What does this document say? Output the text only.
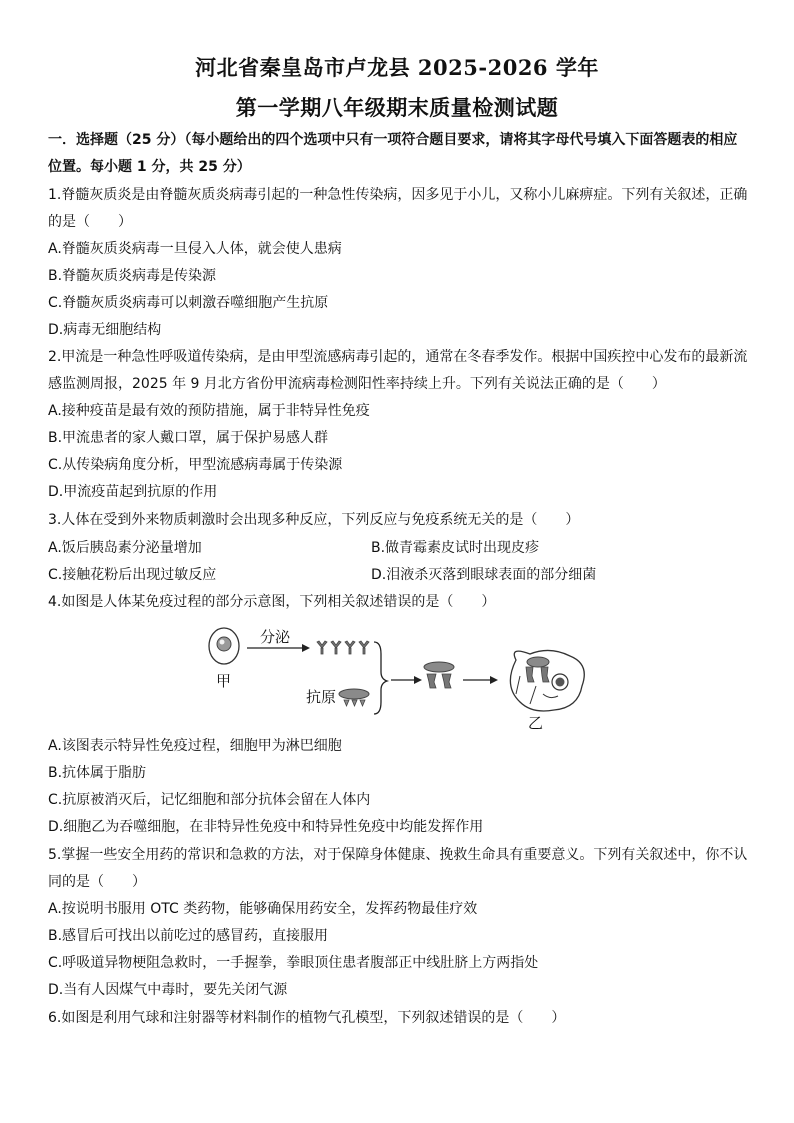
河北省秦皇岛市卢龙县 2025-2026 学年
第一学期八年级期末质量检测试题
一．选择题（25 分）（每小题给出的四个选项中只有一项符合题目要求，请将其字母代号填入下面答题表的相应
位置。每小题 1 分，共 25 分）
1.脊髓灰质炎是由脊髓灰质炎病毒引起的一种急性传染病，因多见于小儿，又称小儿麻痹症。下列有关叙述，正确
的是（　　）
A.脊髓灰质炎病毒一旦侵入人体，就会使人患病
B.脊髓灰质炎病毒是传染源
C.脊髓灰质炎病毒可以刺激吞噬细胞产生抗原
D.病毒无细胞结构
2.甲流是一种急性呼吸道传染病，是由甲型流感病毒引起的，通常在冬春季发作。根据中国疾控中心发布的最新流
感监测周报，2025 年 9 月北方省份甲流病毒检测阳性率持续上升。下列有关说法正确的是（　　）
A.接种疫苗是最有效的预防措施，属于非特异性免疫
B.甲流患者的家人戴口罩，属于保护易感人群
C.从传染病角度分析，甲型流感病毒属于传染源
D.甲流疫苗起到抗原的作用
3.人体在受到外来物质刺激时会出现多种反应，下列反应与免疫系统无关的是（　　）
A.饭后胰岛素分泌量增加	B.做青霉素皮试时出现皮疹
C.接触花粉后出现过敏反应	D.泪液杀灭落到眼球表面的部分细菌
4.如图是人体某免疫过程的部分示意图，下列相关叙述错误的是（　　）
甲
分泌
抗原
乙
A.该图表示特异性免疫过程，细胞甲为淋巴细胞
B.抗体属于脂肪
C.抗原被消灭后，记忆细胞和部分抗体会留在人体内
D.细胞乙为吞噬细胞，在非特异性免疫中和特异性免疫中均能发挥作用
5.掌握一些安全用药的常识和急救的方法，对于保障身体健康、挽救生命具有重要意义。下列有关叙述中，你不认
同的是（　　）
A.按说明书服用 OTC 类药物，能够确保用药安全，发挥药物最佳疗效
B.感冒后可找出以前吃过的感冒药，直接服用
C.呼吸道异物梗阻急救时，一手握拳，拳眼顶住患者腹部正中线肚脐上方两指处
D.当有人因煤气中毒时，要先关闭气源
6.如图是利用气球和注射器等材料制作的植物气孔模型，下列叙述错误的是（　　）
